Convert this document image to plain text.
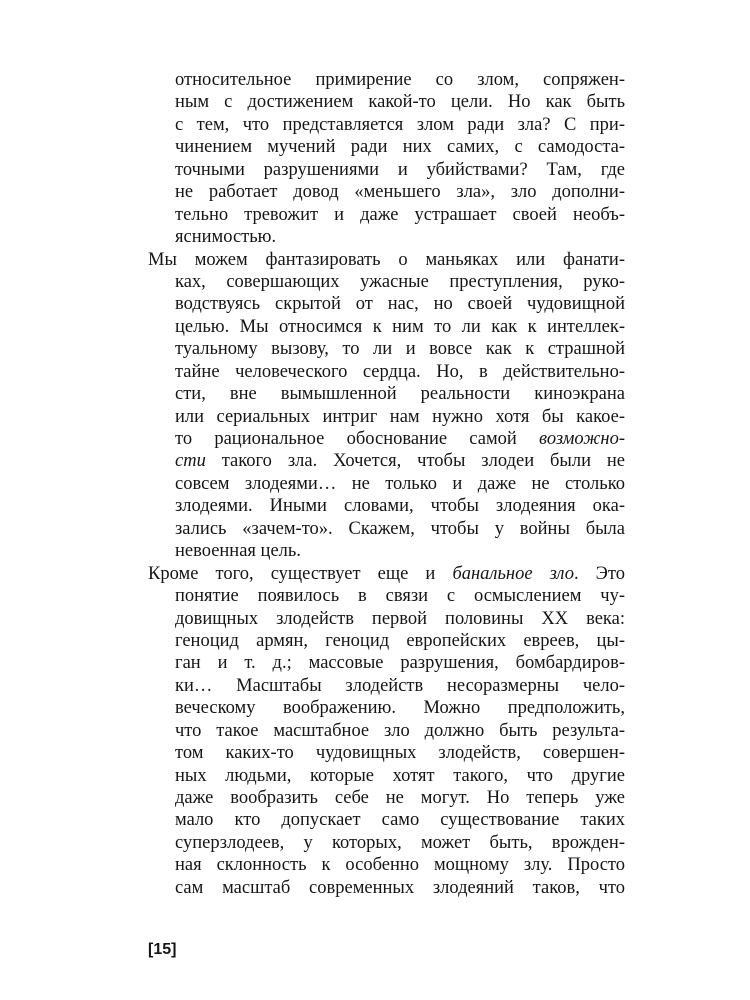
относительное примирение со злом, сопряжен-
ным с достижением какой-то цели. Но как быть
с тем, что представляется злом ради зла? С при-
чинением мучений ради них самих, с самодоста-
точными разрушениями и убийствами? Там, где
не работает довод «меньшего зла», зло дополни-
тельно тревожит и даже устрашает своей необъ-
яснимостью.
Мы можем фантазировать о маньяках или фанати-
ках, совершающих ужасные преступления, руко-
водствуясь скрытой от нас, но своей чудовищной
целью. Мы относимся к ним то ли как к интеллек-
туальному вызову, то ли и вовсе как к страшной
тайне человеческого сердца. Но, в действительно-
сти, вне вымышленной реальности киноэкрана
или сериальных интриг нам нужно хотя бы какое-
то рациональное обоснование самой возможно-
сти такого зла. Хочется, чтобы злодеи были не
совсем злодеями… не только и даже не столько
злодеями. Иными словами, чтобы злодеяния ока-
зались «зачем-то». Скажем, чтобы у войны была
невоенная цель.
Кроме того, существует еще и банальное зло. Это
понятие появилось в связи с осмыслением чу-
довищных злодейств первой половины XX века:
геноцид армян, геноцид европейских евреев, цы-
ган и т. д.; массовые разрушения, бомбардиров-
ки… Масштабы злодейств несоразмерны чело-
веческому воображению. Можно предположить,
что такое масштабное зло должно быть результа-
том каких-то чудовищных злодейств, совершен-
ных людьми, которые хотят такого, что другие
даже вообразить себе не могут. Но теперь уже
мало кто допускает само существование таких
суперзлодеев, у которых, может быть, врожден-
ная склонность к особенно мощному злу. Просто
сам масштаб современных злодеяний таков, что
[15]
